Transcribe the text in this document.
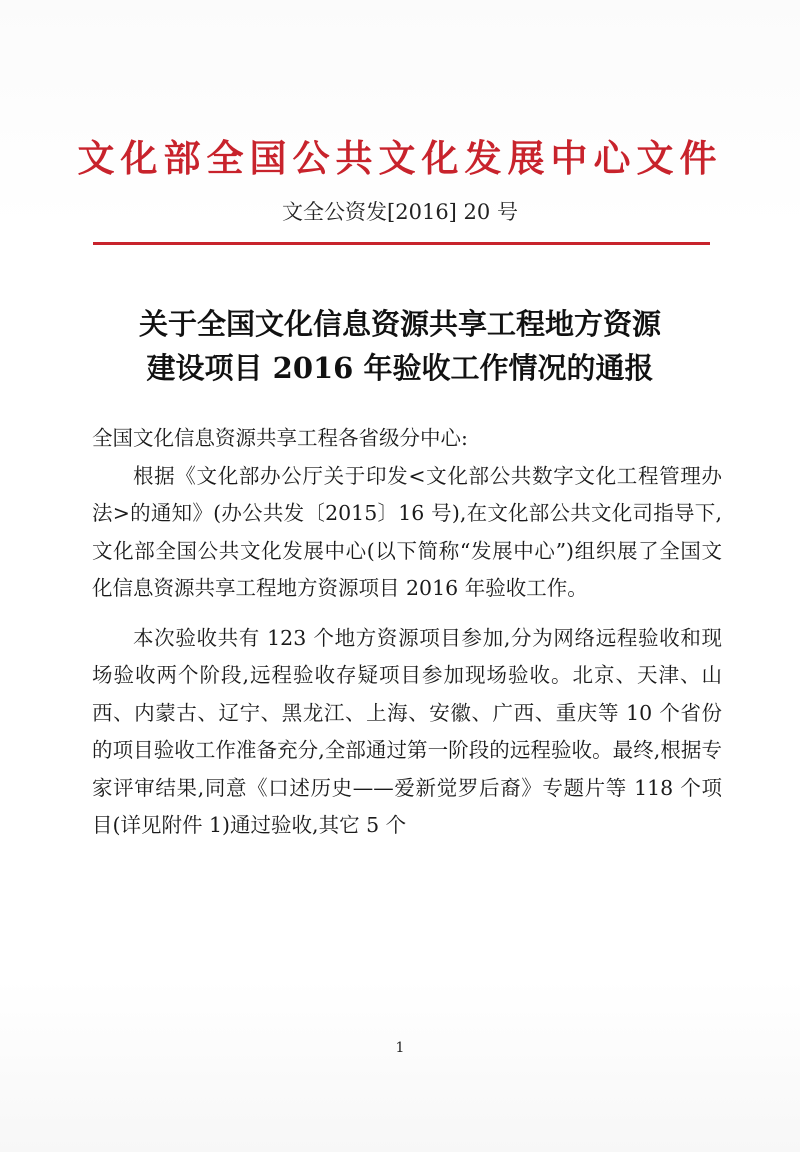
文化部全国公共文化发展中心文件
文全公资发[2016] 20 号
关于全国文化信息资源共享工程地方资源
建设项目 2016 年验收工作情况的通报

全国文化信息资源共享工程各省级分中心:

根据《文化部办公厅关于印发<文化部公共数字文化工程管理办法>的通知》(办公共发〔2015〕16 号),在文化部公共文化司指导下,文化部全国公共文化发展中心(以下简称“发展中心”)组织展了全国文化信息资源共享工程地方资源项目 2016 年验收工作。

本次验收共有 123 个地方资源项目参加,分为网络远程验收和现场验收两个阶段,远程验收存疑项目参加现场验收。北京、天津、山西、内蒙古、辽宁、黑龙江、上海、安徽、广西、重庆等 10 个省份的项目验收工作准备充分,全部通过第一阶段的远程验收。最终,根据专家评审结果,同意《口述历史——爱新觉罗后裔》专题片等 118 个项目(详见附件 1)通过验收,其它 5 个

1
